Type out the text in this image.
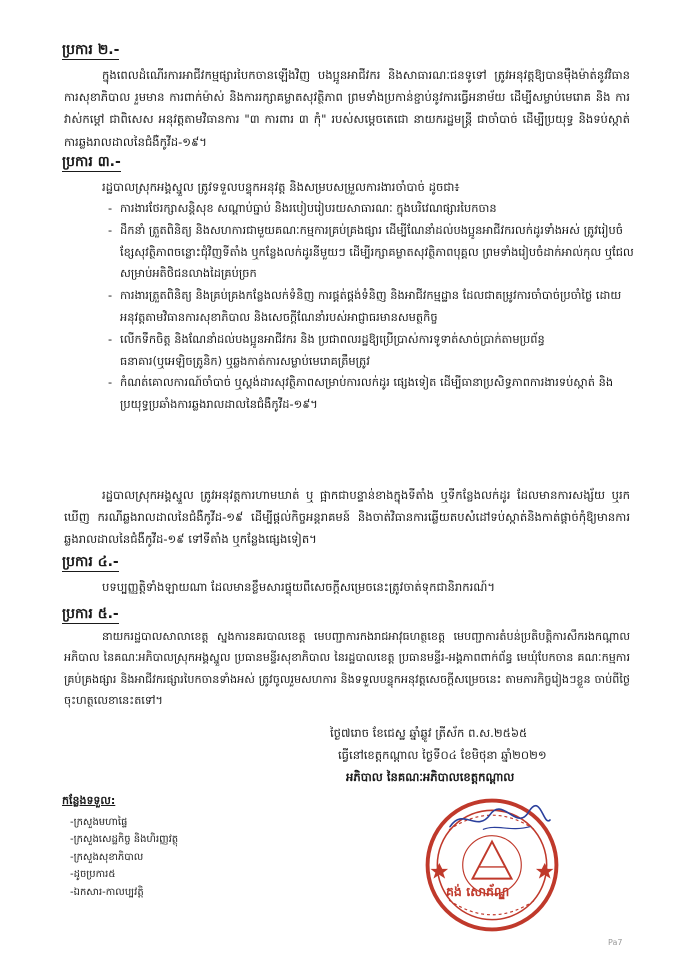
ប្រការ ២.-
ក្នុងពេលដំណើរការអាជីវកម្មផ្សារបៃកចានឡើងវិញ បងប្អូនអាជីវករ និងសាធារណៈជនទូទៅ ត្រូវអនុវត្តឱ្យបានម៉ឺងម៉ាត់នូវវិធានការសុខាភិបាល រួមមាន ការពាក់ម៉ាស់ និងការរក្សាគម្លាតសុវត្ថិភាព ព្រមទាំងប្រកាន់ខ្ជាប់នូវការធ្វើអនាម័យ ដើម្បីសម្លាប់មេរោគ និង ការវាស់កម្តៅ ជាពិសេស អនុវត្តតាមវិធានការ "៣ ការពារ ៣ កុំ" របស់សម្តេចតេជោ នាយករដ្ឋមន្ត្រី ជាចាំបាច់ ដើម្បីប្រយុទ្ធ និងទប់ស្កាត់ការឆ្លងរាលដាលនៃជំងឺកូវីដ-១៩។
ប្រការ ៣.-
រដ្ឋបាលស្រុកអង្គស្នួល ត្រូវទទួលបន្ទុកអនុវត្ត និងសម្របសម្រួលការងារចាំបាច់ ដូចជា៖
- ការងារថែរក្សាសន្តិសុខ សណ្តាប់ធ្នាប់ និងរបៀបរៀបរយសាធារណៈ ក្នុងបរិវេណផ្សារបៃកចាន
- ដឹកនាំ ត្រួតពិនិត្យ និងសហការជាមួយគណៈកម្មការគ្រប់គ្រងផ្សារ ដើម្បីណែនាំដល់បងប្អូនអាជីវករលក់ដូរទាំងអស់ ត្រូវរៀបចំខ្សែសុវត្ថិភាពចន្លោះជុំវិញទីតាំង ឬកន្លែងលក់ដូរនីមួយៗ ដើម្បីរក្សាគម្លាតសុវត្ថិភាពបុគ្គល ព្រមទាំងរៀបចំដាក់អាល់កុល ឬជែលសម្រាប់អតិថិជនលាងដៃគ្រប់ច្រក
- ការងារត្រួតពិនិត្យ និងគ្រប់គ្រងកន្លែងលក់ទំនិញ ការផ្គត់ផ្គង់ទំនិញ និងអាជីវកម្មដ្ឋាន ដែលជាតម្រូវការចាំបាច់ប្រចាំថ្ងៃ ដោយអនុវត្តតាមវិធានការសុខាភិបាល និងសេចក្តីណែនាំរបស់អាជ្ញាធរមានសមត្ថកិច្ច
- លើកទឹកចិត្ត និងណែនាំដល់បងប្អូនអាជីវករ និង ប្រជាពលរដ្ឋឱ្យប្រើប្រាស់ការទូទាត់សាច់ប្រាក់តាមប្រព័ន្ធធនាគារ(ឬអេឡិចត្រូនិក) ឬឆ្លងកាត់ការសម្លាប់មេរោគត្រឹមត្រូវ
- កំណត់គោលការណ៍ចាំបាច់ ឬស្តង់ដារសុវត្ថិភាពសម្រាប់ការលក់ដូរ ផ្សេងទៀត ដើម្បីធានាប្រសិទ្ធភាពការងារទប់ស្កាត់ និងប្រយុទ្ធប្រឆាំងការឆ្លងរាលដាលនៃជំងឺកូវីដ-១៩។
រដ្ឋបាលស្រុកអង្គស្នួល ត្រូវអនុវត្តការហាមឃាត់ ឬ ផ្អាកជាបន្ទាន់ខាងក្នុងទីតាំង ឬទីកន្លែងលក់ដូរ ដែលមានការសង្ស័យ ឬរកឃើញ ករណីឆ្លងរាលដាលនៃជំងឺកូវីដ-១៩ ដើម្បីផ្តល់កិច្ចអន្តរាគមន៍ និងចាត់វិធានការឆ្លើយតបសំដៅទប់ស្កាត់និងកាត់ផ្តាច់កុំឱ្យមានការឆ្លងរាលដាលនៃជំងឺកូវីដ-១៩ ទៅទីតាំង ឬកន្លែងផ្សេងទៀត។
ប្រការ ៤.-
បទប្បញ្ញត្តិទាំងឡាយណា ដែលមានខ្លឹមសារផ្ទុយពីសេចក្តីសម្រេចនេះត្រូវចាត់ទុកជានិរាករណ៍។
ប្រការ ៥.-
នាយករដ្ឋបាលសាលាខេត្ត ស្នងការនគរបាលខេត្ត មេបញ្ជាការកងរាជអាវុធហត្ថខេត្ត មេបញ្ជាការតំបន់ប្រតិបត្តិការសឹករងកណ្តាល អភិបាល នៃគណៈអភិបាលស្រុកអង្គស្នួល ប្រធានមន្ទីរសុខាភិបាល នៃរដ្ឋបាលខេត្ត ប្រធានមន្ទីរ-អង្គភាពពាក់ព័ន្ធ មេឃុំបែកចាន គណៈកម្មការគ្រប់គ្រងផ្សារ និងអាជីវករផ្សារបៃកចានទាំងអស់ ត្រូវចូលរួមសហការ និងទទួលបន្ទុកអនុវត្តសេចក្តីសម្រេចនេះ តាមភារកិច្ចរៀងៗខ្លួន ចាប់ពីថ្ងៃចុះហត្ថលេខានេះតទៅ។
ថ្ងៃ៧រោច ខែជេស្ឋ ឆ្នាំឆ្លូវ ត្រីស័ក ព.ស.២៥៦៥
ធ្វើនៅខេត្តកណ្តាល ថ្ងៃទី០៤ ខែមិថុនា ឆ្នាំ២០២១
អភិបាល នៃគណៈអភិបាលខេត្តកណ្តាល
គង់ សោភ័ណ្ឌ
កន្លែងទទួល:
-ក្រសួងមហាផ្ទៃ
-ក្រសួងសេដ្ឋកិច្ច និងហិរញ្ញវត្ថុ
-ក្រសួងសុខាភិបាល
-ដូចប្រការ៥
-ឯកសារ-កាលប្បវត្តិ
Pa7
